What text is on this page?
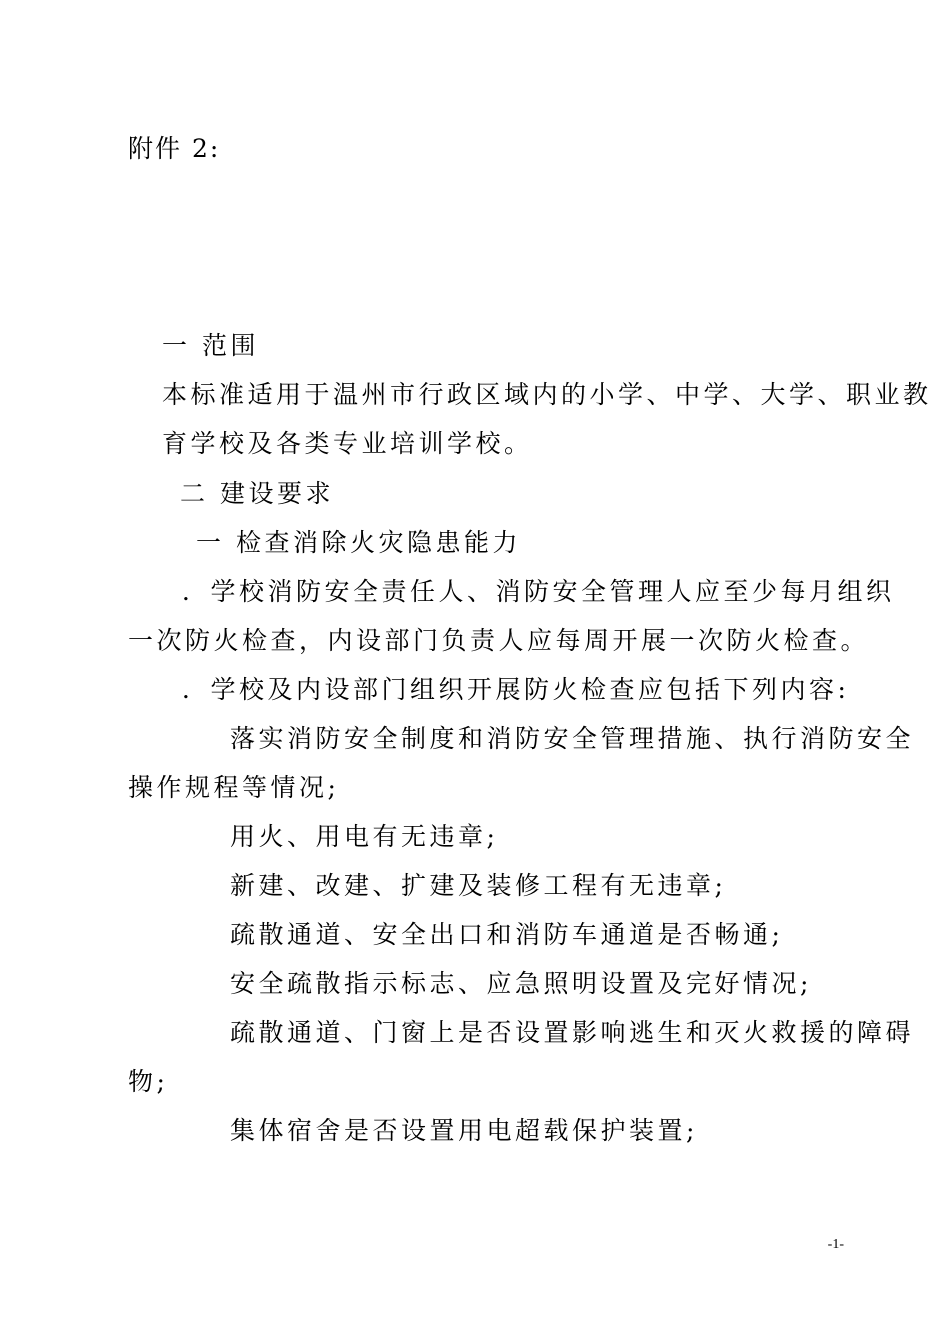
附件 2:
一 范围
本标准适用于温州市行政区域内的小学、中学、大学、职业教
育学校及各类专业培训学校。
二 建设要求
一 检查消除火灾隐患能力
．学校消防安全责任人、消防安全管理人应至少每月组织
一次防火检查，内设部门负责人应每周开展一次防火检查。
．学校及内设部门组织开展防火检查应包括下列内容:
落实消防安全制度和消防安全管理措施、执行消防安全
操作规程等情况;
用火、用电有无违章;
新建、改建、扩建及装修工程有无违章;
疏散通道、安全出口和消防车通道是否畅通;
安全疏散指示标志、应急照明设置及完好情况;
疏散通道、门窗上是否设置影响逃生和灭火救援的障碍
物;
集体宿舍是否设置用电超载保护装置;
-1-
